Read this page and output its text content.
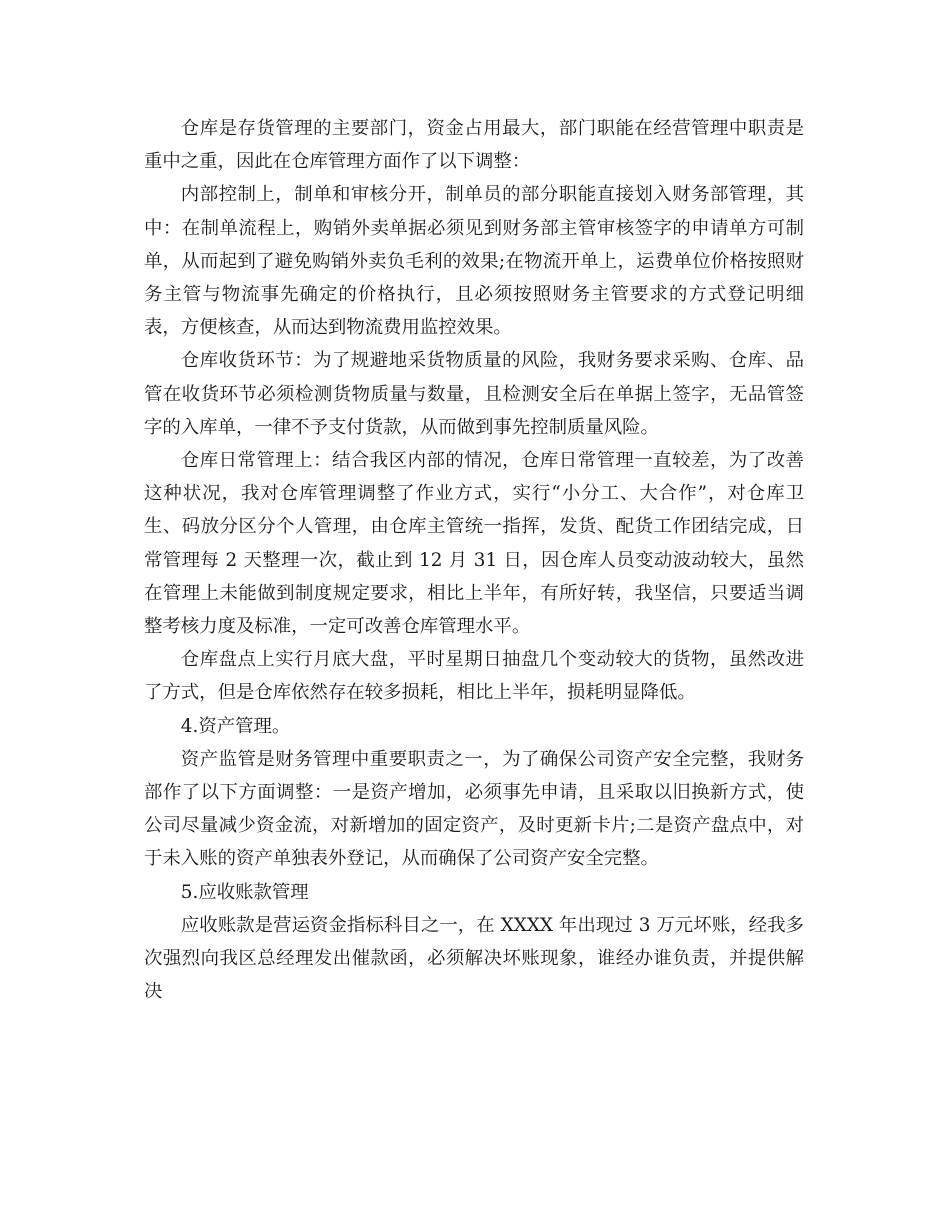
仓库是存货管理的主要部门，资金占用最大，部门职能在经营管理中职责是重中之重，因此在仓库管理方面作了以下调整：

内部控制上，制单和审核分开，制单员的部分职能直接划入财务部管理，其中：在制单流程上，购销外卖单据必须见到财务部主管审核签字的申请单方可制单，从而起到了避免购销外卖负毛利的效果;在物流开单上，运费单位价格按照财务主管与物流事先确定的价格执行，且必须按照财务主管要求的方式登记明细表，方便核查，从而达到物流费用监控效果。

仓库收货环节：为了规避地采货物质量的风险，我财务要求采购、仓库、品管在收货环节必须检测货物质量与数量，且检测安全后在单据上签字，无品管签字的入库单，一律不予支付货款，从而做到事先控制质量风险。

仓库日常管理上：结合我区内部的情况，仓库日常管理一直较差，为了改善这种状况，我对仓库管理调整了作业方式，实行“小分工、大合作”，对仓库卫生、码放分区分个人管理，由仓库主管统一指挥，发货、配货工作团结完成，日常管理每 2 天整理一次，截止到 12 月 31 日，因仓库人员变动波动较大，虽然在管理上未能做到制度规定要求，相比上半年，有所好转，我坚信，只要适当调整考核力度及标准，一定可改善仓库管理水平。

仓库盘点上实行月底大盘，平时星期日抽盘几个变动较大的货物，虽然改进了方式，但是仓库依然存在较多损耗，相比上半年，损耗明显降低。

4.资产管理。

资产监管是财务管理中重要职责之一，为了确保公司资产安全完整，我财务部作了以下方面调整：一是资产增加，必须事先申请，且采取以旧换新方式，使公司尽量减少资金流，对新增加的固定资产，及时更新卡片;二是资产盘点中，对于未入账的资产单独表外登记，从而确保了公司资产安全完整。

5.应收账款管理

应收账款是营运资金指标科目之一，在 XXXX 年出现过 3 万元坏账，经我多次强烈向我区总经理发出催款函，必须解决坏账现象，谁经办谁负责，并提供解决
